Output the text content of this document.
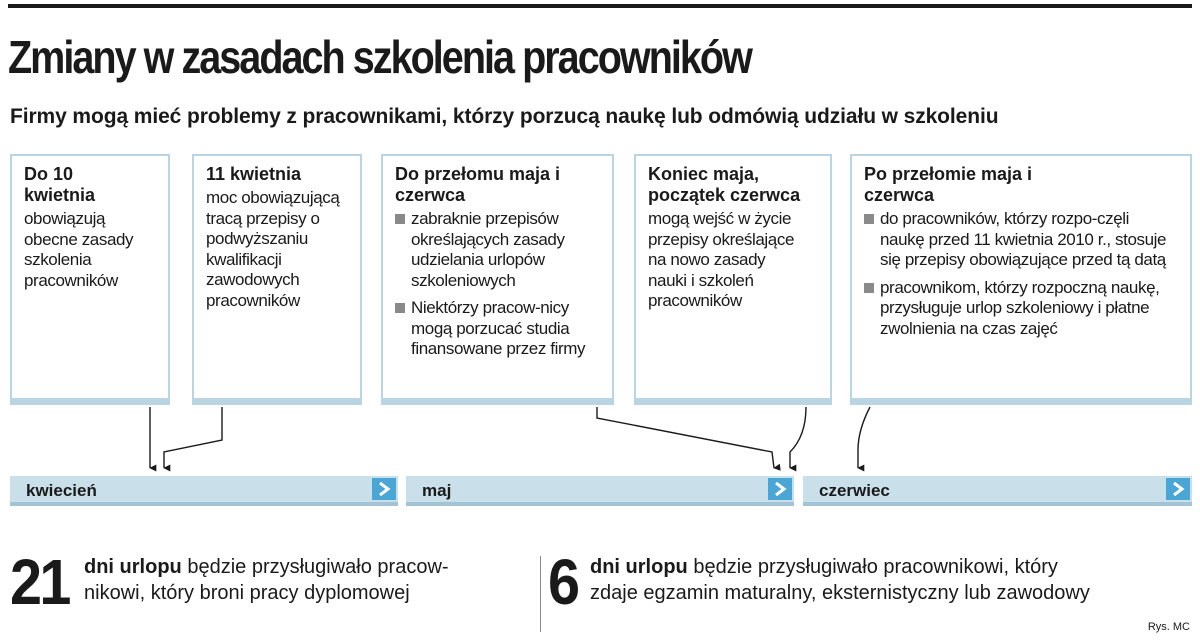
Zmiany w zasadach szkolenia pracowników
Firmy mogą mieć problemy z pracownikami, którzy porzucą naukę lub odmówią udziału w szkoleniu
Do 10 kwietnia
obowiązują obecne zasady szkolenia pracowników
11 kwietnia
moc obowiązującą tracą przepisy o podwyższaniu kwalifikacji zawodowych pracowników
Do przełomu maja i czerwca
zabraknie przepisów określających zasady udzielania urlopów szkoleniowych
Niektórzy pracow-nicy mogą porzucać studia finansowane przez firmy
Koniec maja, początek czerwca
mogą wejść w życie przepisy określające na nowo zasady nauki i szkoleń pracowników
Po przełomie maja i czerwca
do pracowników, którzy rozpo-częli naukę przed 11 kwietnia 2010 r., stosuje się przepisy obowiązujące przed tą datą
pracownikom, którzy rozpoczną naukę, przysługuje urlop szkoleniowy i płatne zwolnienia na czas zajęć
kwiecień	maj	czerwiec
21 dni urlopu będzie przysługiwało pracow-
nikowi, który broni pracy dyplomowej	6 dni urlopu będzie przysługiwało pracownikowi, który
zdaje egzamin maturalny, eksternistyczny lub zawodowy
Rys. MC
